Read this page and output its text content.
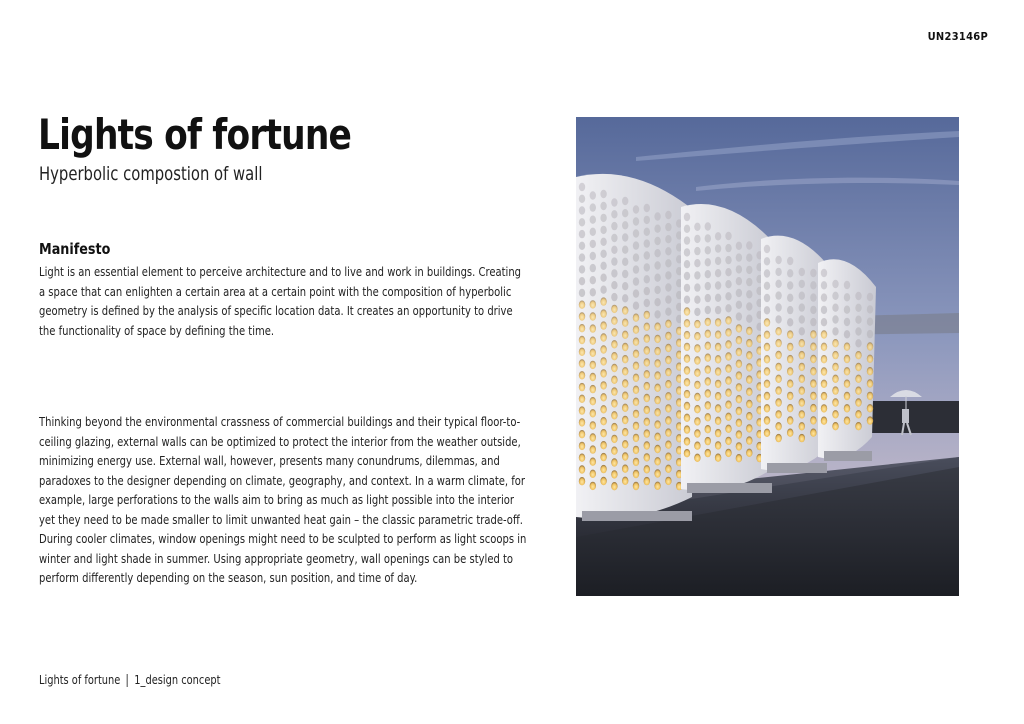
UN23146P
Lights of fortune
Hyperbolic compostion of wall
Manifesto

Light is an essential element to perceive architecture and to live and work in buildings. Creating a space that can enlighten a certain area at a certain point with the composition of hyperbolic geometry is defined by the analysis of specific location data. It creates an opportunity to drive the functionality of space by defining the time.

Thinking beyond the environmental crassness of commercial buildings and their typical floor-to-ceiling glazing, external walls can be optimized to protect the interior from the weather outside, minimizing energy use. External wall, however, presents many conundrums, dilemmas, and paradoxes to the designer depending on climate, geography, and context. In a warm climate, for example, large perforations to the walls aim to bring as much as light possible into the interior yet they need to be made smaller to limit unwanted heat gain – the classic parametric trade-off. During cooler climates, window openings might need to be sculpted to perform as light scoops in winter and light shade in summer. Using appropriate geometry, wall openings can be styled to perform differently depending on the season, sun position, and time of day.

Lights of fortune 1_design concept
